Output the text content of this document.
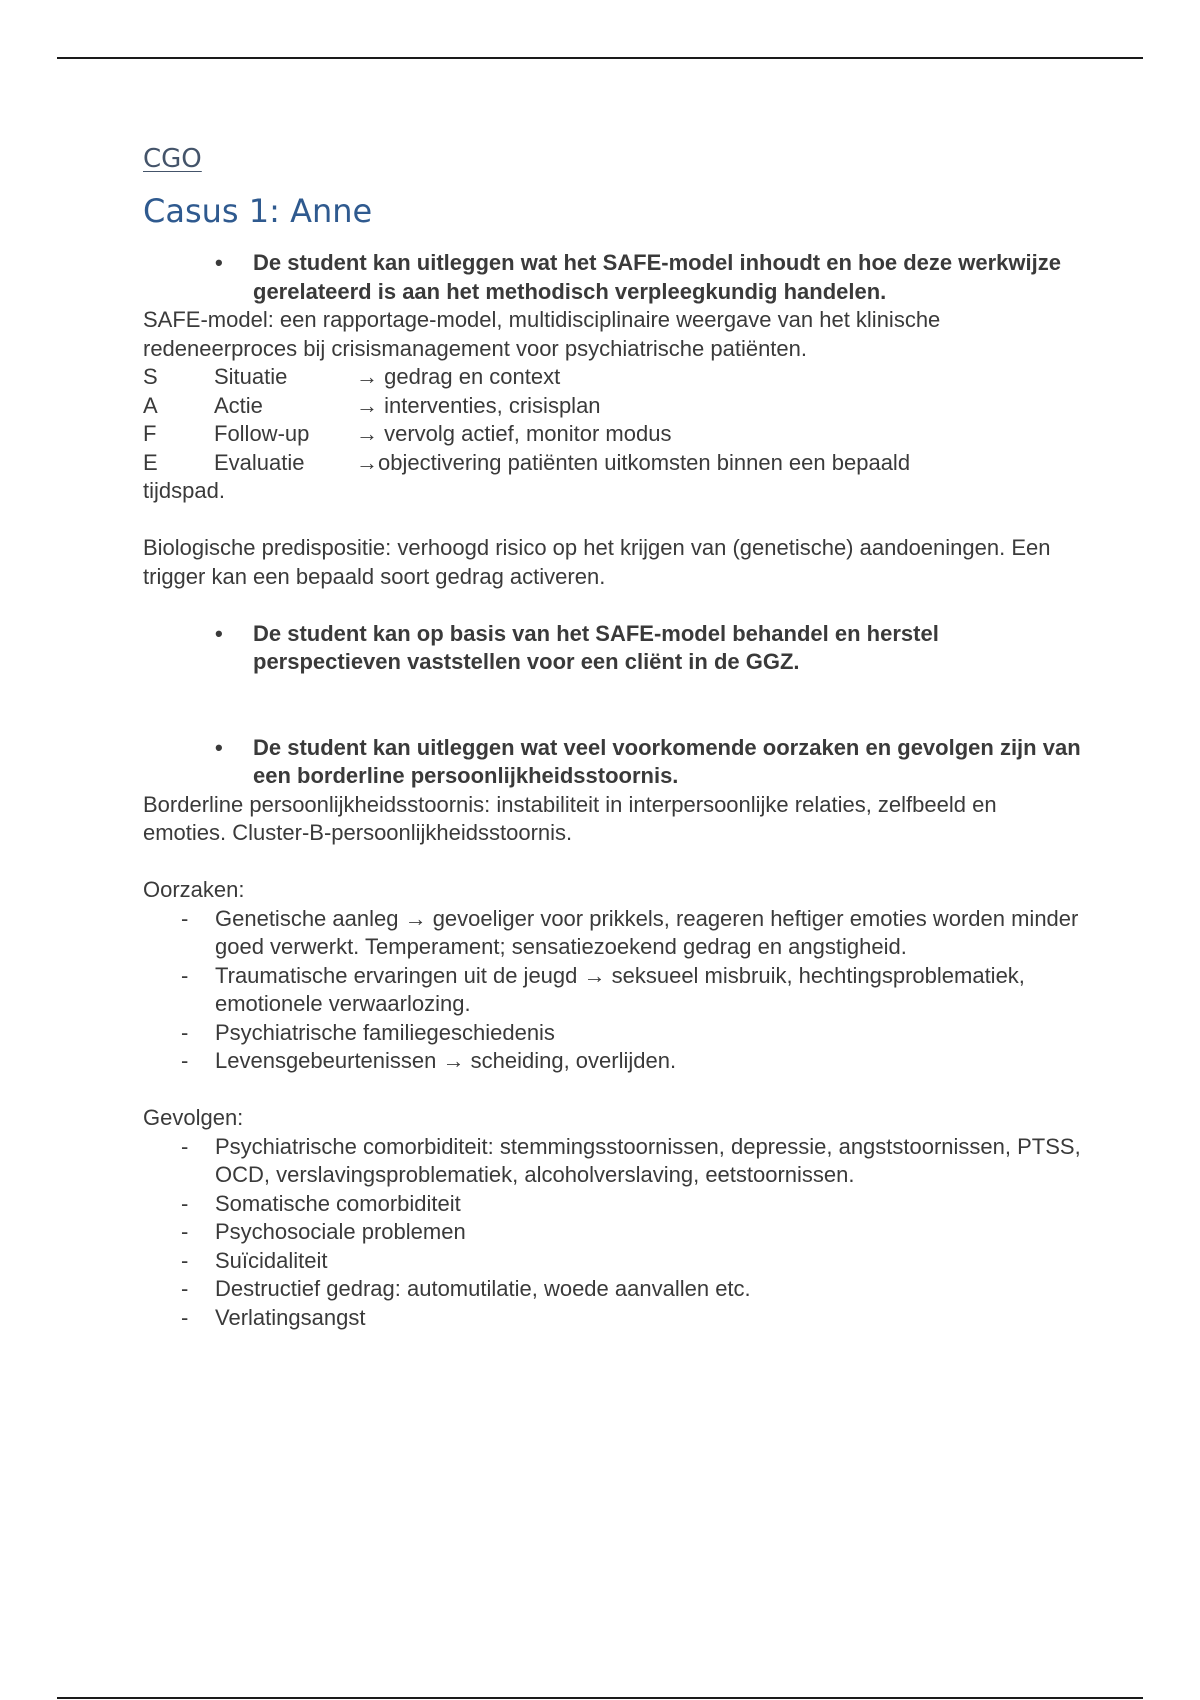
CGO
Casus 1: Anne
• De student kan uitleggen wat het SAFE-model inhoudt en hoe deze werkwijze gerelateerd is aan het methodisch verpleegkundig handelen.

SAFE-model: een rapportage-model, multidisciplinaire weergave van het klinische redeneerproces bij crisismanagement voor psychiatrische patiënten.

S	Situatie	→ gedrag en context
A	Actie	→ interventies, crisisplan
F	Follow-up	→ vervolg actief, monitor modus
E	Evaluatie	→objectivering patiënten uitkomsten binnen een bepaald

tijdspad.

Biologische predispositie: verhoogd risico op het krijgen van (genetische) aandoeningen. Een trigger kan een bepaald soort gedrag activeren.

• De student kan op basis van het SAFE-model behandel en herstel perspectieven vaststellen voor een cliënt in de GGZ.
• De student kan uitleggen wat veel voorkomende oorzaken en gevolgen zijn van een borderline persoonlijkheidsstoornis.

Borderline persoonlijkheidsstoornis: instabiliteit in interpersoonlijke relaties, zelfbeeld en emoties. Cluster-B-persoonlijkheidsstoornis.

Oorzaken:

- Genetische aanleg → gevoeliger voor prikkels, reageren heftiger emoties worden minder goed verwerkt. Temperament; sensatiezoekend gedrag en angstigheid.
- Traumatische ervaringen uit de jeugd → seksueel misbruik, hechtingsproblematiek, emotionele verwaarlozing.
- Psychiatrische familiegeschiedenis
- Levensgebeurtenissen → scheiding, overlijden.

Gevolgen:

- Psychiatrische comorbiditeit: stemmingsstoornissen, depressie, angststoornissen, PTSS, OCD, verslavingsproblematiek, alcoholverslaving, eetstoornissen.
- Somatische comorbiditeit
- Psychosociale problemen
- Suïcidaliteit
- Destructief gedrag: automutilatie, woede aanvallen etc.
- Verlatingsangst
